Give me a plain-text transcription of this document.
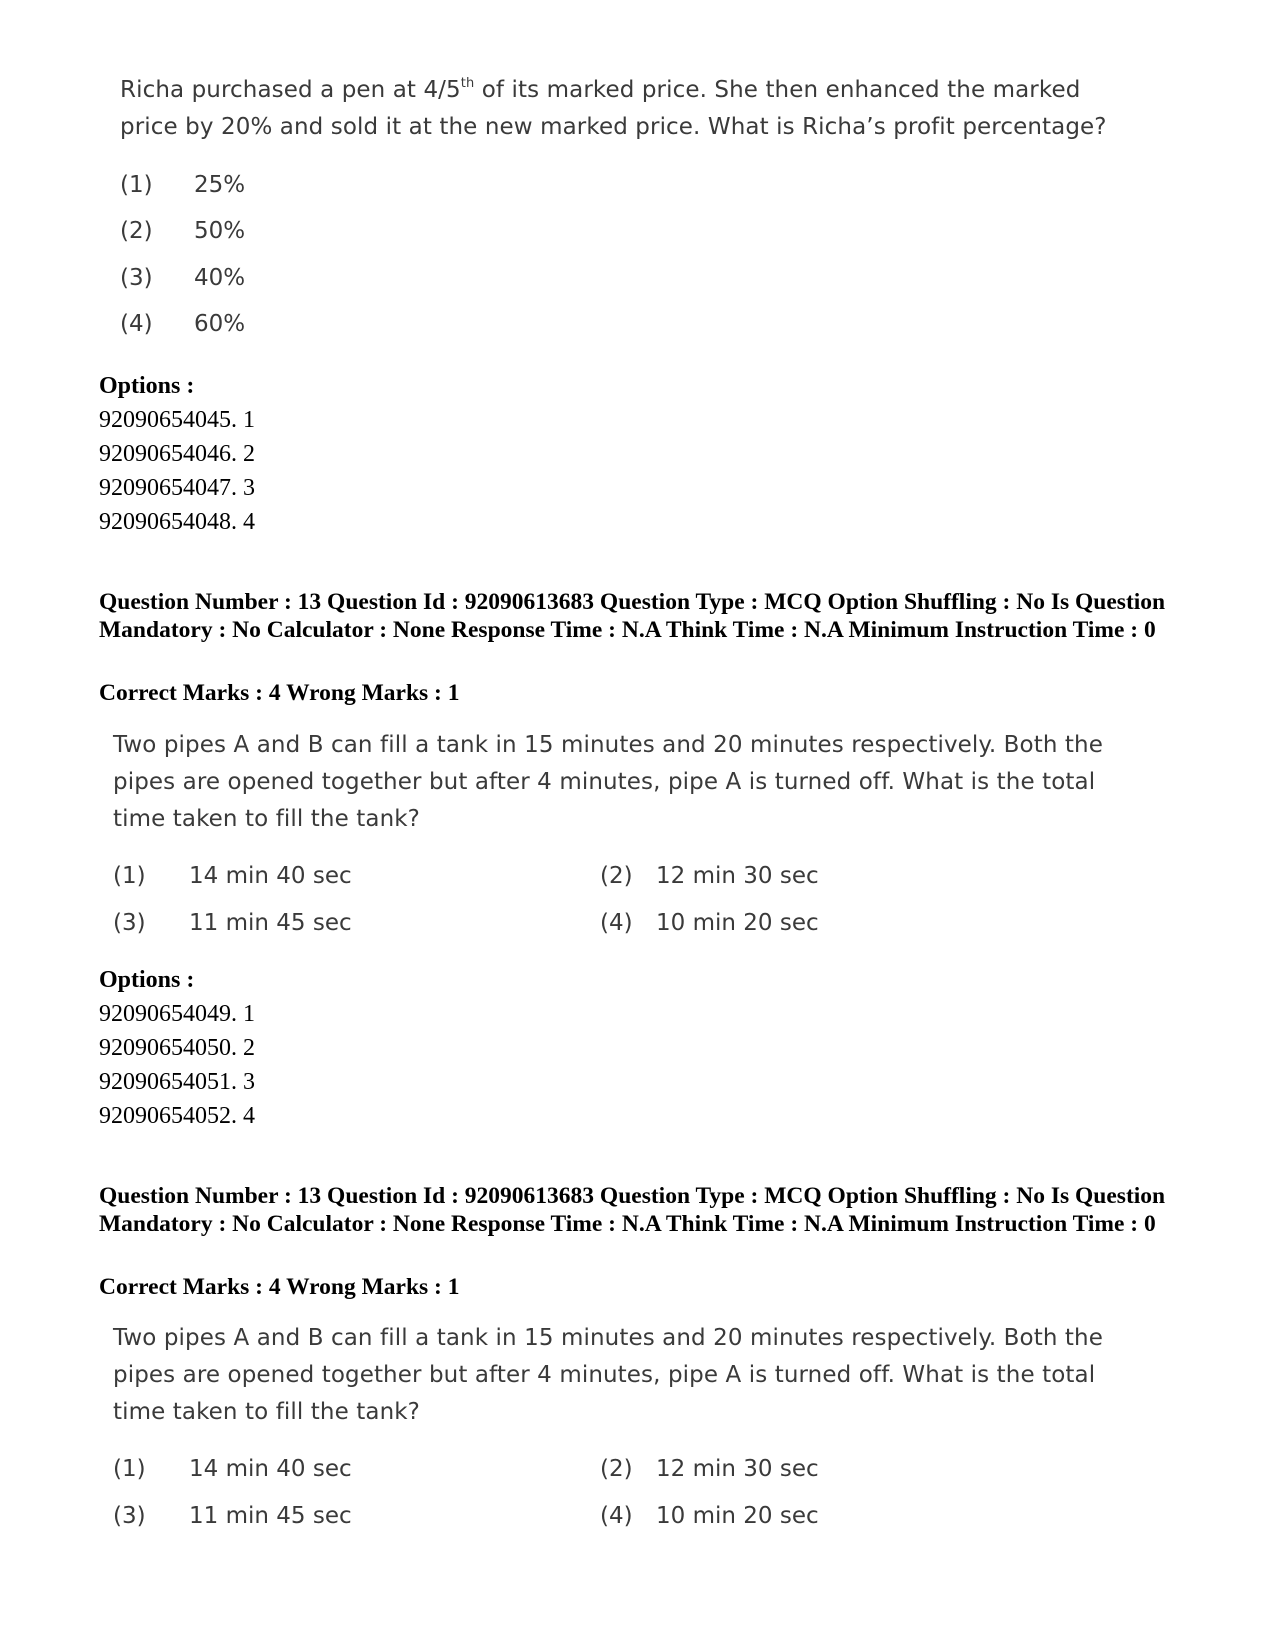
Richa purchased a pen at 4/5th of its marked price. She then enhanced the marked price by 20% and sold it at the new marked price. What is Richa’s profit percentage?
(1) 25%
(2) 50%
(3) 40%
(4) 60%
Options :
92090654045. 1
92090654046. 2
92090654047. 3
92090654048. 4
Question Number : 13 Question Id : 92090613683 Question Type : MCQ Option Shuffling : No Is Question Mandatory : No Calculator : None Response Time : N.A Think Time : N.A Minimum Instruction Time : 0
Correct Marks : 4 Wrong Marks : 1
Two pipes A and B can fill a tank in 15 minutes and 20 minutes respectively. Both the pipes are opened together but after 4 minutes, pipe A is turned off. What is the total time taken to fill the tank?
(1) 14 min 40 sec	(2) 12 min 30 sec
(3) 11 min 45 sec	(4) 10 min 20 sec
Options :
92090654049. 1
92090654050. 2
92090654051. 3
92090654052. 4
Question Number : 13 Question Id : 92090613683 Question Type : MCQ Option Shuffling : No Is Question Mandatory : No Calculator : None Response Time : N.A Think Time : N.A Minimum Instruction Time : 0
Correct Marks : 4 Wrong Marks : 1
Two pipes A and B can fill a tank in 15 minutes and 20 minutes respectively. Both the pipes are opened together but after 4 minutes, pipe A is turned off. What is the total time taken to fill the tank?
(1) 14 min 40 sec	(2) 12 min 30 sec
(3) 11 min 45 sec	(4) 10 min 20 sec
